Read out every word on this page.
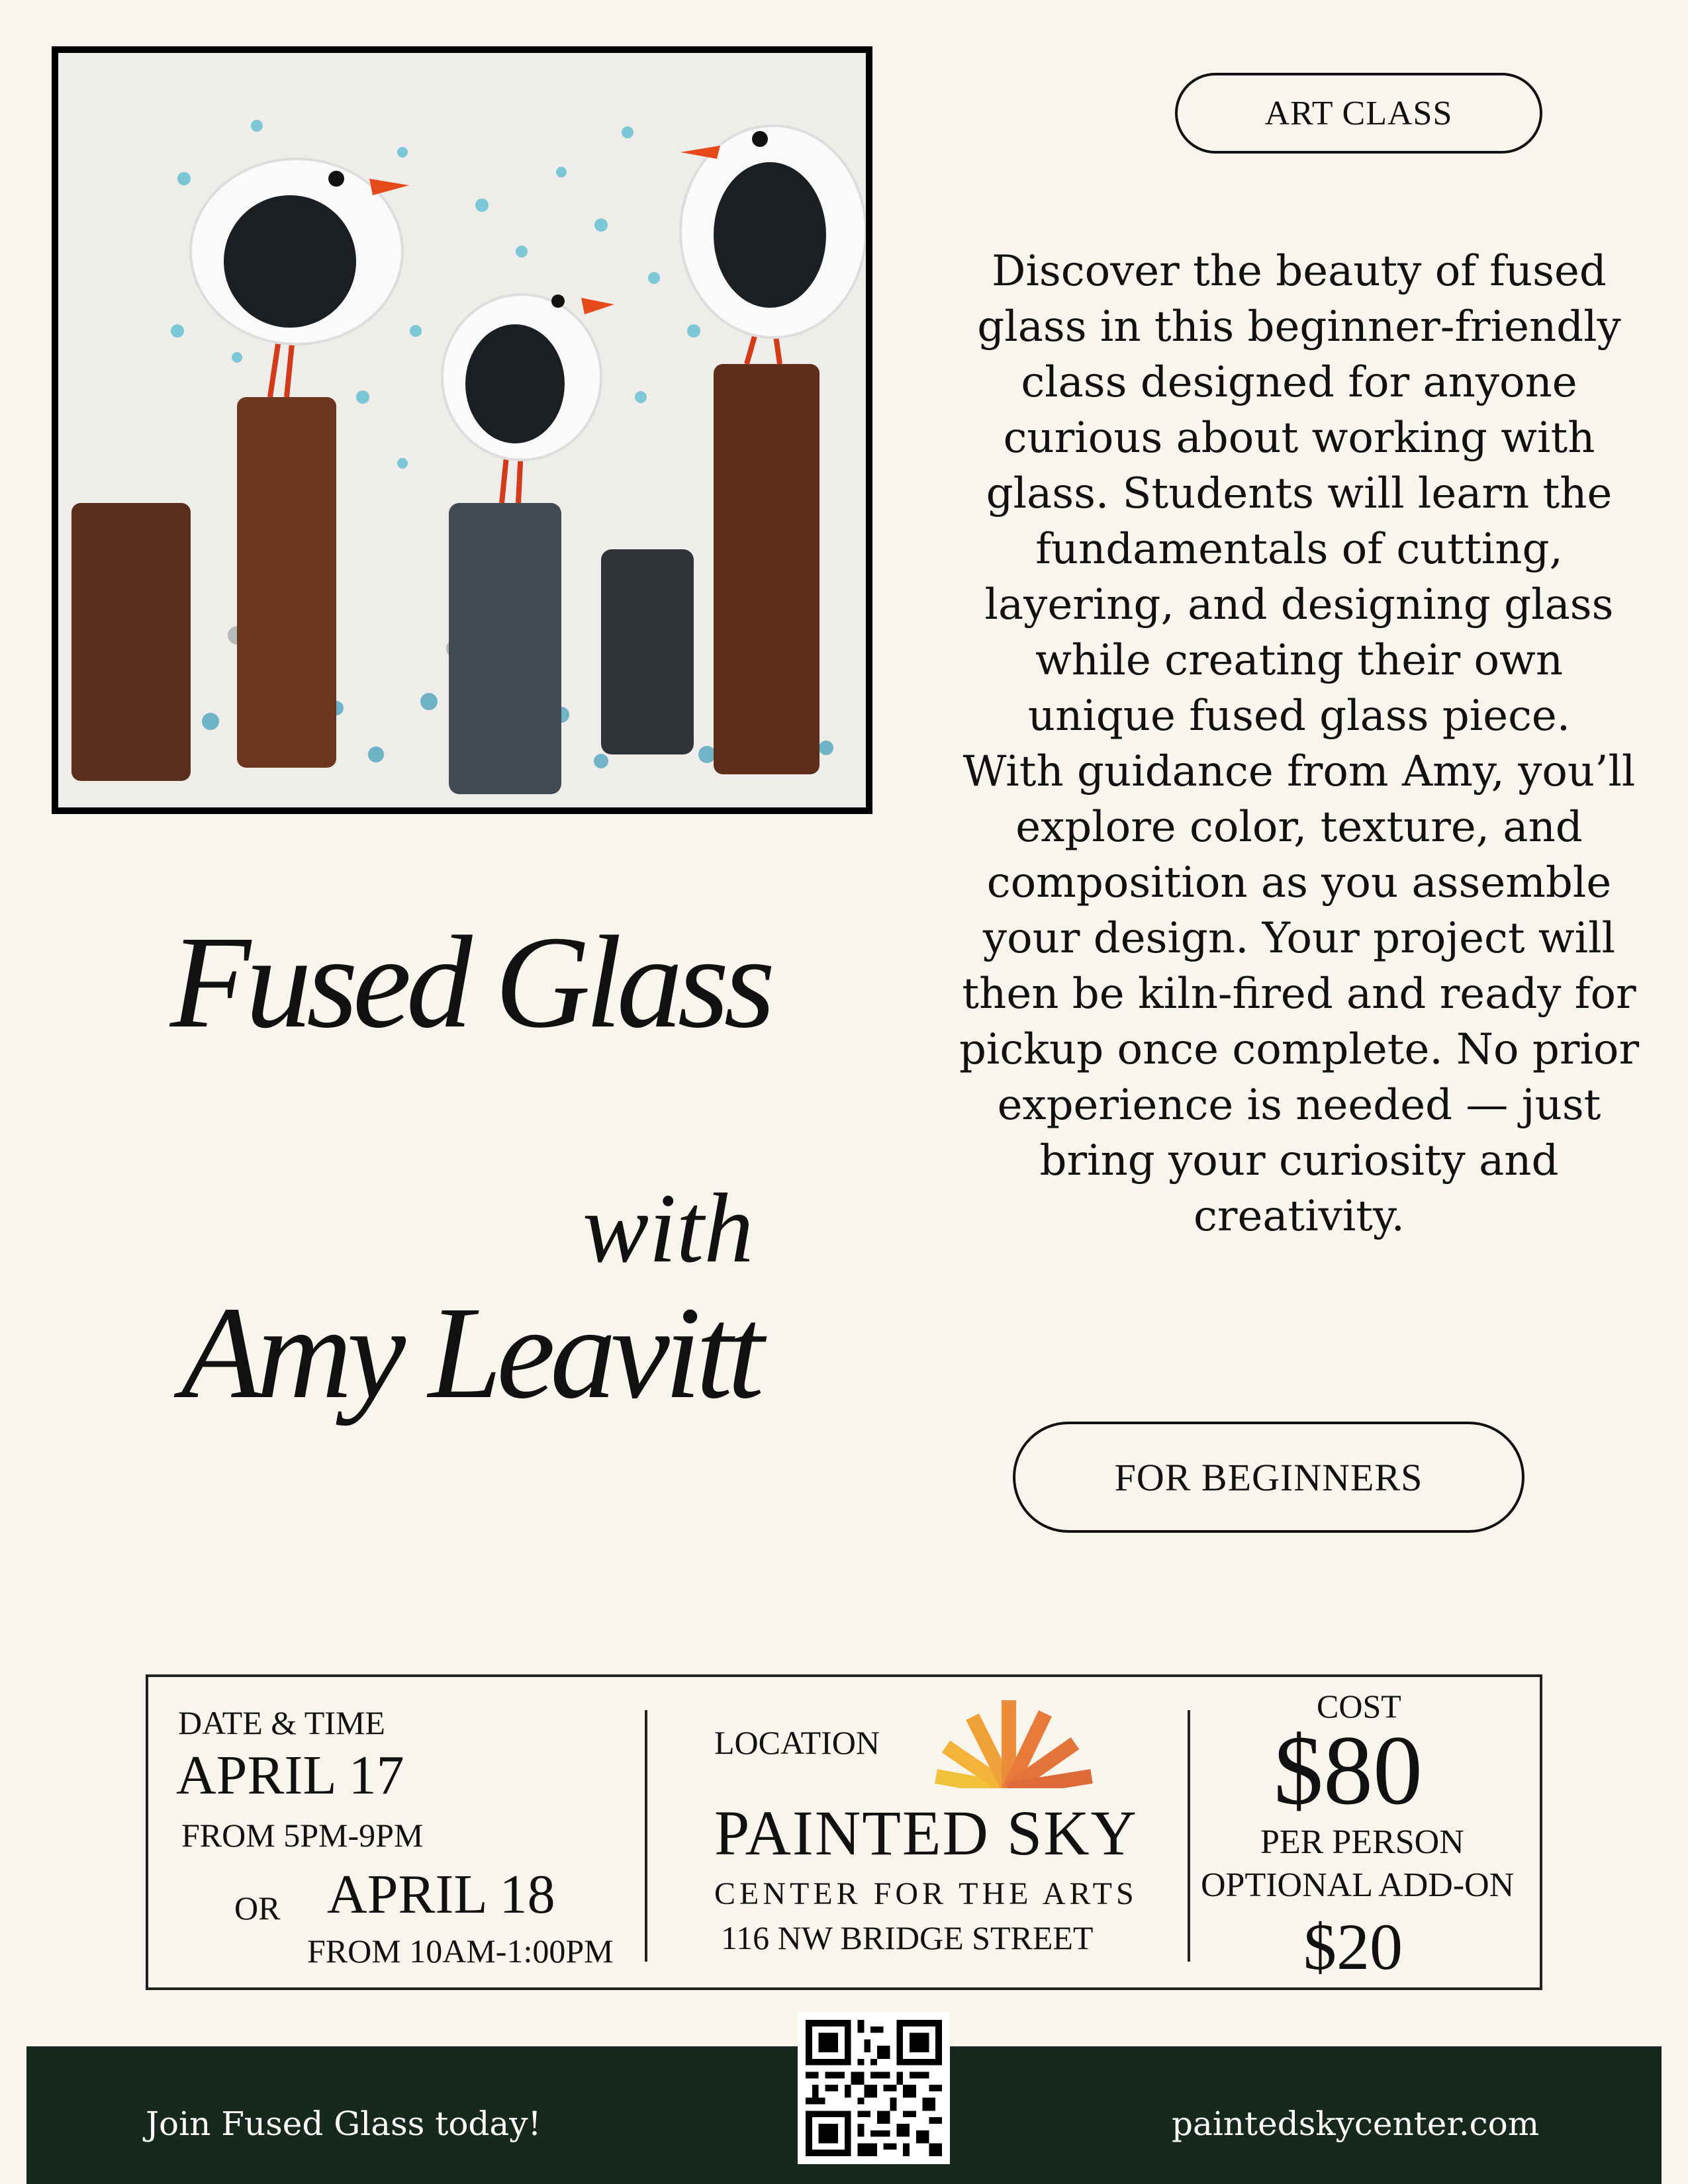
ART CLASS

Discover the beauty of fused glass in this beginner-friendly class designed for anyone curious about working with glass. Students will learn the fundamentals of cutting, layering, and designing glass while creating their own unique fused glass piece.

With guidance from Amy, you’ll explore color, texture, and composition as you assemble your design. Your project will then be kiln-fired and ready for pickup once complete. No prior experience is needed — just bring your curiosity and creativity.

Fused Glass
with
Amy Leavitt
FOR BEGINNERS
DATE & TIME
APRIL 17
FROM 5PM-9PM
OR APRIL 18
FROM 10AM-1:00PM
LOCATION
PAINTED SKY
CENTER FOR THE ARTS
116 NW BRIDGE STREET
COST
$80
PER PERSON
OPTIONAL ADD-ON
$20
Join Fused Glass today!	paintedskycenter.com
